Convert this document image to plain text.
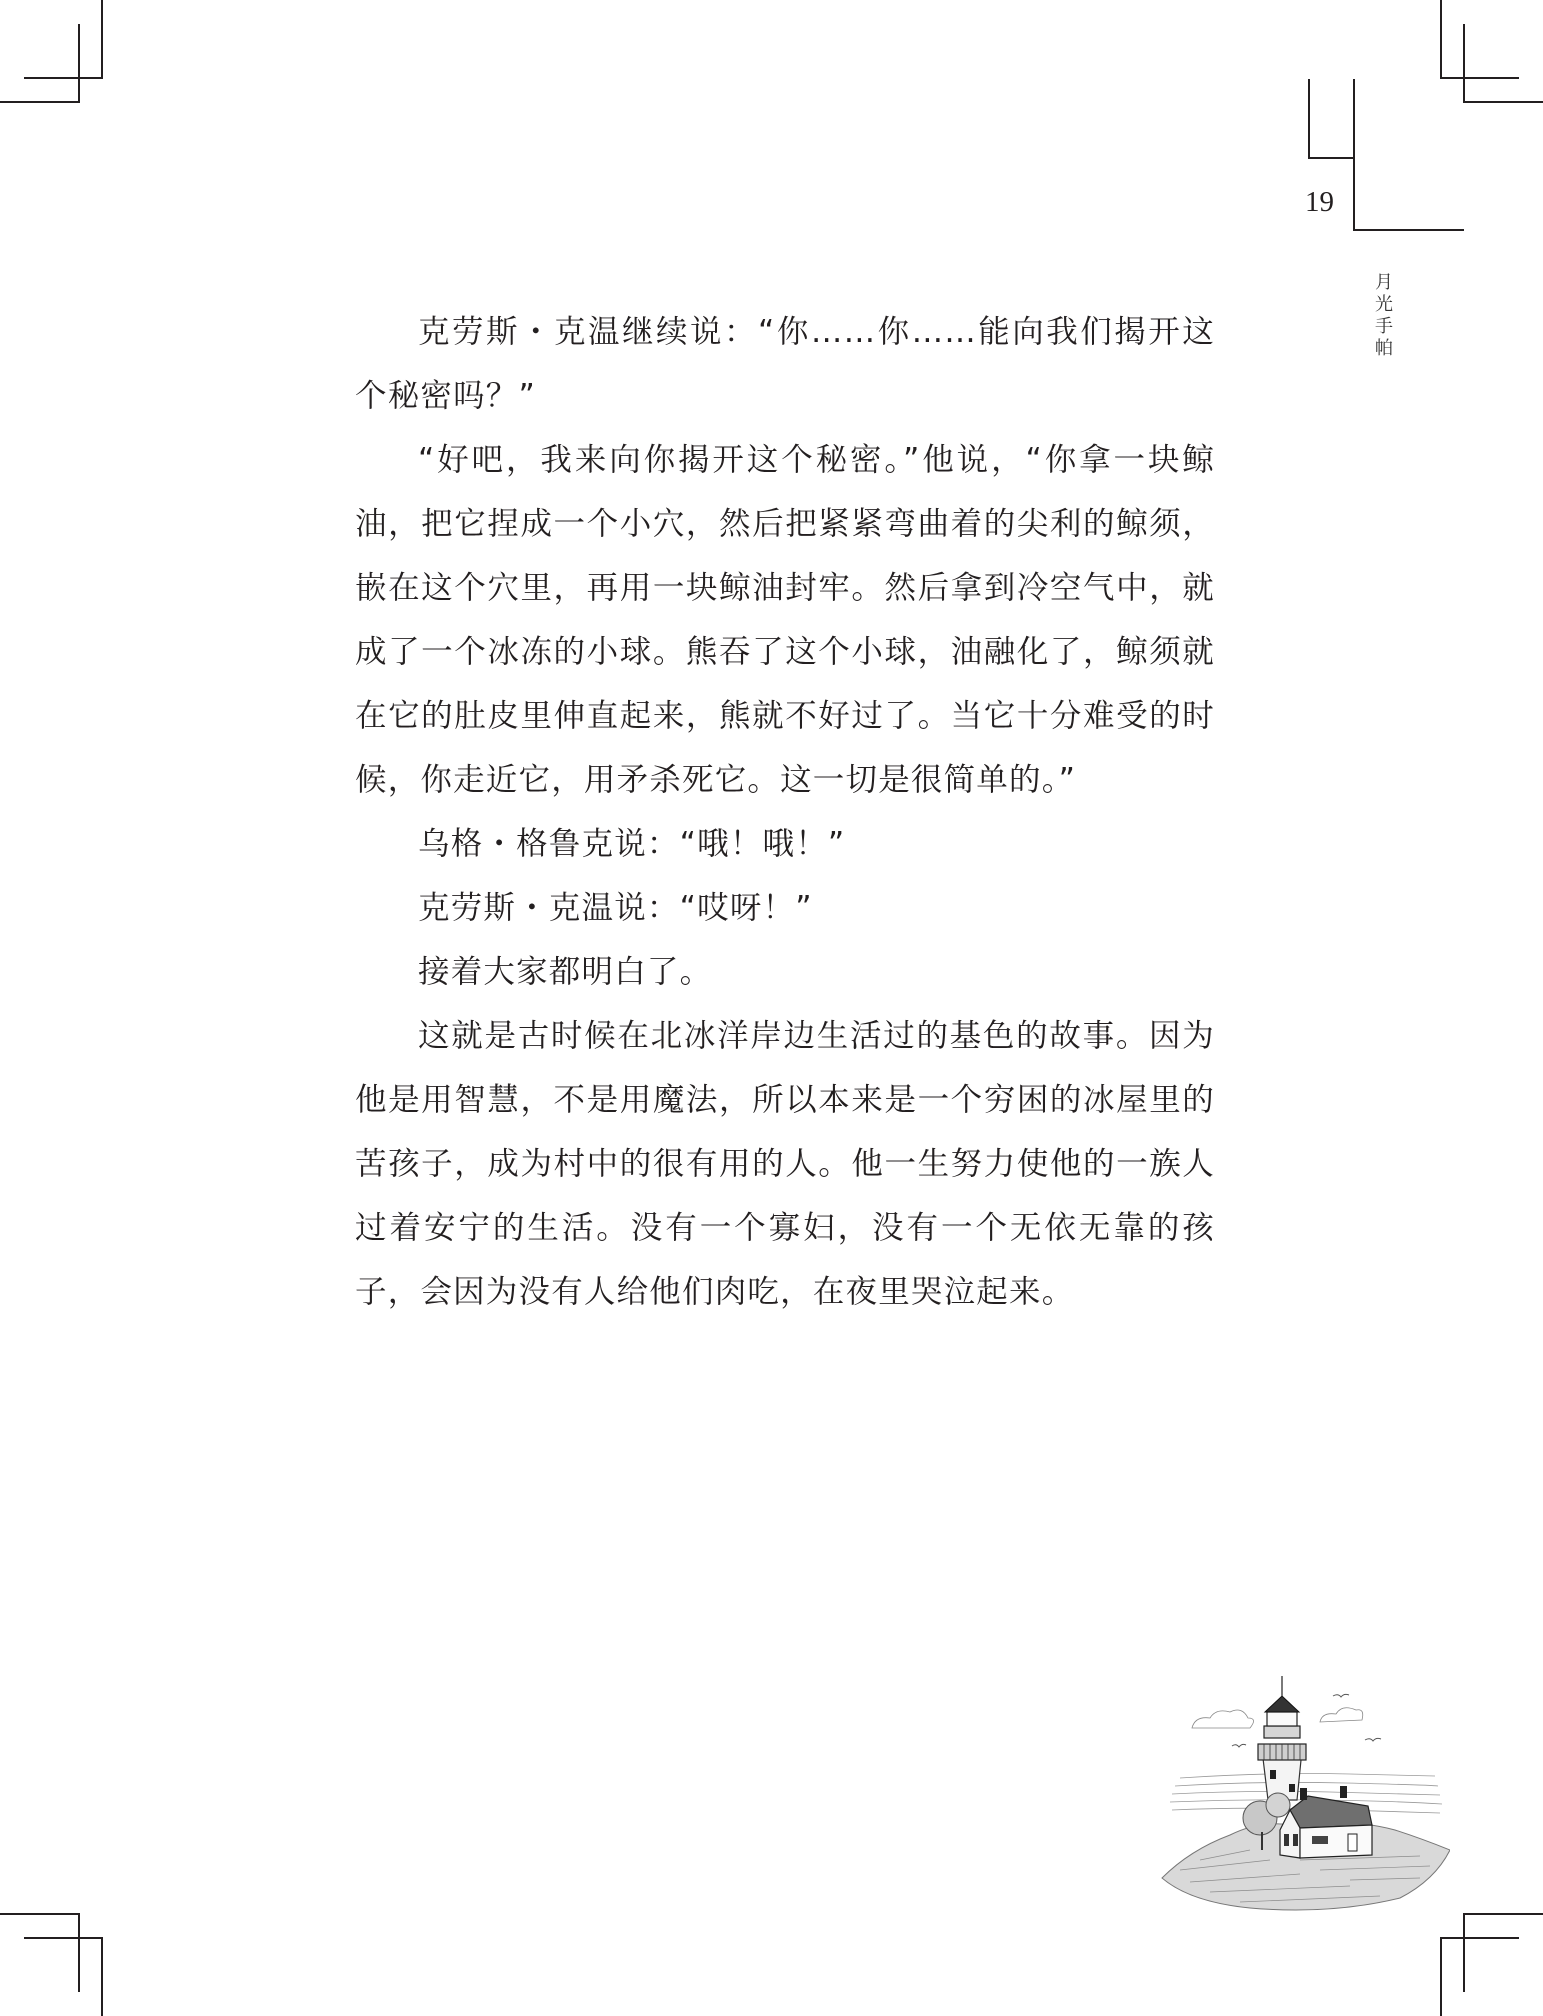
19
月光手帕

克劳斯・克温继续说：“你……你……能向我们揭开这个秘密吗？”

“好吧，我来向你揭开这个秘密。”他说，“你拿一块鲸油，把它捏成一个小穴，然后把紧紧弯曲着的尖利的鲸须，嵌在这个穴里，再用一块鲸油封牢。然后拿到冷空气中，就成了一个冰冻的小球。熊吞了这个小球，油融化了，鲸须就在它的肚皮里伸直起来，熊就不好过了。当它十分难受的时候，你走近它，用矛杀死它。这一切是很简单的。”

乌格・格鲁克说：“哦！哦！”

克劳斯・克温说：“哎呀！”

接着大家都明白了。

这就是古时候在北冰洋岸边生活过的基色的故事。因为他是用智慧，不是用魔法，所以本来是一个穷困的冰屋里的苦孩子，成为村中的很有用的人。他一生努力使他的一族人过着安宁的生活。没有一个寡妇，没有一个无依无靠的孩子，会因为没有人给他们肉吃，在夜里哭泣起来。
